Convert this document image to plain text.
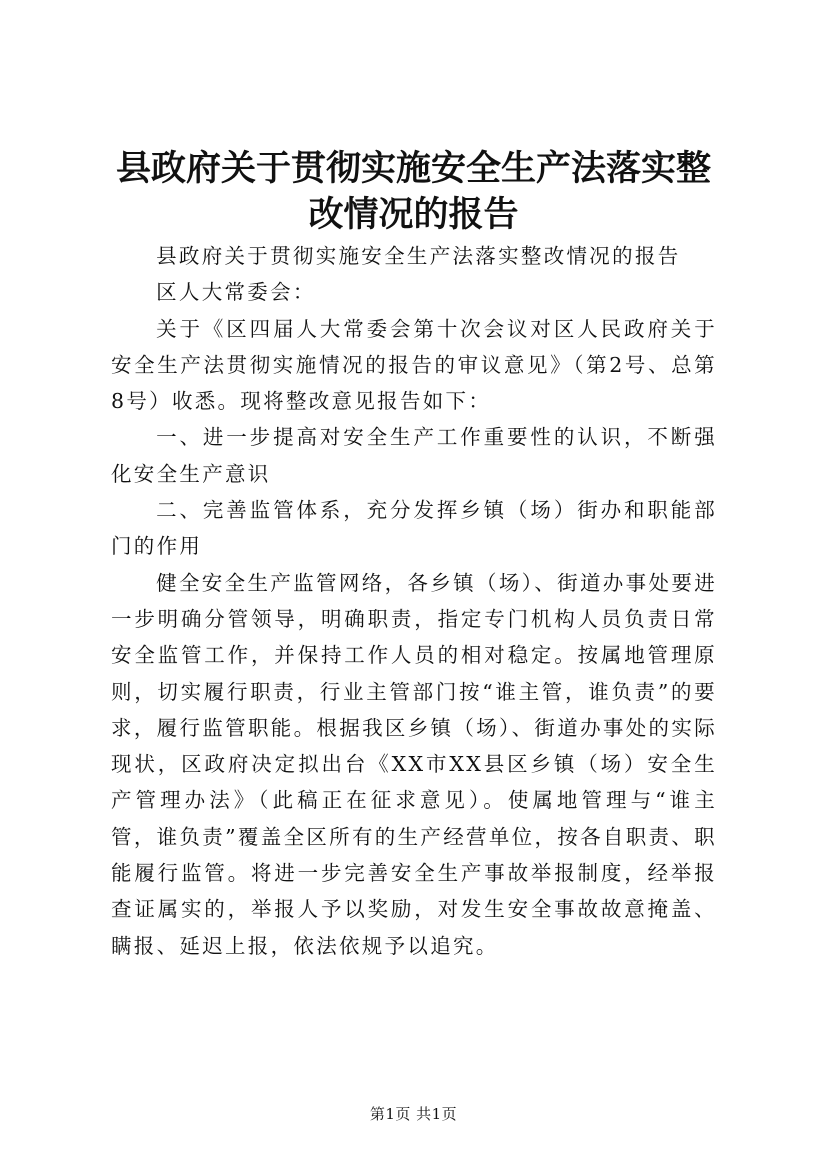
县政府关于贯彻实施安全生产法落实整改情况的报告

县政府关于贯彻实施安全生产法落实整改情况的报告

区人大常委会：

关于《区四届人大常委会第十次会议对区人民政府关于安全生产法贯彻实施情况的报告的审议意见》（第2号、总第8号）收悉。现将整改意见报告如下：

一、进一步提高对安全生产工作重要性的认识，不断强化安全生产意识

二、完善监管体系，充分发挥乡镇（场）街办和职能部门的作用

健全安全生产监管网络，各乡镇（场）、街道办事处要进一步明确分管领导，明确职责，指定专门机构人员负责日常安全监管工作，并保持工作人员的相对稳定。按属地管理原则，切实履行职责，行业主管部门按“谁主管，谁负责”的要求，履行监管职能。根据我区乡镇（场）、街道办事处的实际现状，区政府决定拟出台《XX市XX县区乡镇（场）安全生产管理办法》（此稿正在征求意见）。使属地管理与“谁主管，谁负责”覆盖全区所有的生产经营单位，按各自职责、职能履行监管。将进一步完善安全生产事故举报制度，经举报查证属实的，举报人予以奖励，对发生安全事故故意掩盖、瞒报、延迟上报，依法依规予以追究。

第1页 共1页
